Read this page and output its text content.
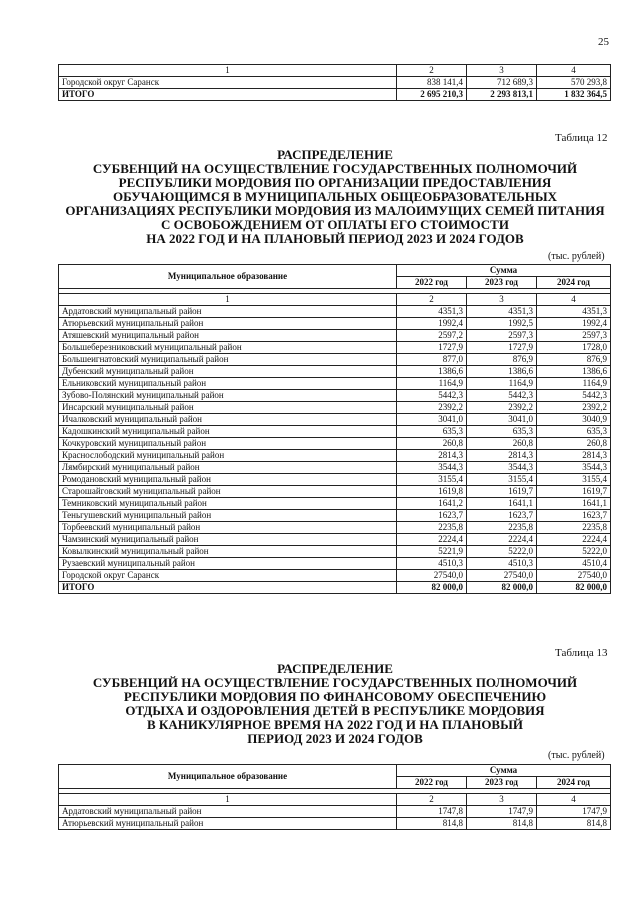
25
1	2	3	4
Городской округ Саранск	838 141,4	712 689,3	570 293,8
ИТОГО	2 695 210,3	2 293 813,1	1 832 364,5
Таблица 12
РАСПРЕДЕЛЕНИЕ
СУБВЕНЦИЙ НА ОСУЩЕСТВЛЕНИЕ ГОСУДАРСТВЕННЫХ ПОЛНОМОЧИЙ
РЕСПУБЛИКИ МОРДОВИЯ ПО ОРГАНИЗАЦИИ ПРЕДОСТАВЛЕНИЯ
ОБУЧАЮЩИМСЯ В МУНИЦИПАЛЬНЫХ ОБЩЕОБРАЗОВАТЕЛЬНЫХ
ОРГАНИЗАЦИЯХ РЕСПУБЛИКИ МОРДОВИЯ ИЗ МАЛОИМУЩИХ СЕМЕЙ ПИТАНИЯ
С ОСВОБОЖДЕНИЕМ ОТ ОПЛАТЫ ЕГО СТОИМОСТИ
НА 2022 ГОД И НА ПЛАНОВЫЙ ПЕРИОД 2023 И 2024 ГОДОВ
(тыс. рублей)
Муниципальное образование	Сумма		
	2022 год	2023 год	2024 год

1	2	3	4
Ардатовский муниципальный район	4351,3	4351,3	4351,3
Атюрьевский муниципальный район	1992,4	1992,5	1992,4
Атяшевский муниципальный район	2597,2	2597,3	2597,3
Большеберезниковский муниципальный район	1727,9	1727,9	1728,0
Большеигнатовский муниципальный район	877,0	876,9	876,9
Дубенский муниципальный район	1386,6	1386,6	1386,6
Ельниковский муниципальный район	1164,9	1164,9	1164,9
Зубово-Полянский муниципальный район	5442,3	5442,3	5442,3
Инсарский муниципальный район	2392,2	2392,2	2392,2
Ичалковский муниципальный район	3041,0	3041,0	3040,9
Кадошкинский муниципальный район	635,3	635,3	635,3
Кочкуровский муниципальный район	260,8	260,8	260,8
Краснослободский муниципальный район	2814,3	2814,3	2814,3
Лямбирский муниципальный район	3544,3	3544,3	3544,3
Ромодановский муниципальный район	3155,4	3155,4	3155,4
Старошайговский муниципальный район	1619,8	1619,7	1619,7
Темниковский муниципальный район	1641,2	1641,1	1641,1
Теньгушевский муниципальный район	1623,7	1623,7	1623,7
Торбеевский муниципальный район	2235,8	2235,8	2235,8
Чамзинский муниципальный район	2224,4	2224,4	2224,4
Ковылкинский муниципальный район	5221,9	5222,0	5222,0
Рузаевский муниципальный район	4510,3	4510,3	4510,4
Городской округ Саранск	27540,0	27540,0	27540,0
ИТОГО	82 000,0	82 000,0	82 000,0
Таблица 13
РАСПРЕДЕЛЕНИЕ
СУБВЕНЦИЙ НА ОСУЩЕСТВЛЕНИЕ ГОСУДАРСТВЕННЫХ ПОЛНОМОЧИЙ
РЕСПУБЛИКИ МОРДОВИЯ ПО ФИНАНСОВОМУ ОБЕСПЕЧЕНИЮ
ОТДЫХА И ОЗДОРОВЛЕНИЯ ДЕТЕЙ В РЕСПУБЛИКЕ МОРДОВИЯ
В КАНИКУЛЯРНОЕ ВРЕМЯ НА 2022 ГОД И НА ПЛАНОВЫЙ
ПЕРИОД 2023 И 2024 ГОДОВ
(тыс. рублей)
Муниципальное образование	Сумма		
	2022 год	2023 год	2024 год

1	2	3	4
Ардатовский муниципальный район	1747,8	1747,9	1747,9
Атюрьевский муниципальный район	814,8	814,8	814,8
